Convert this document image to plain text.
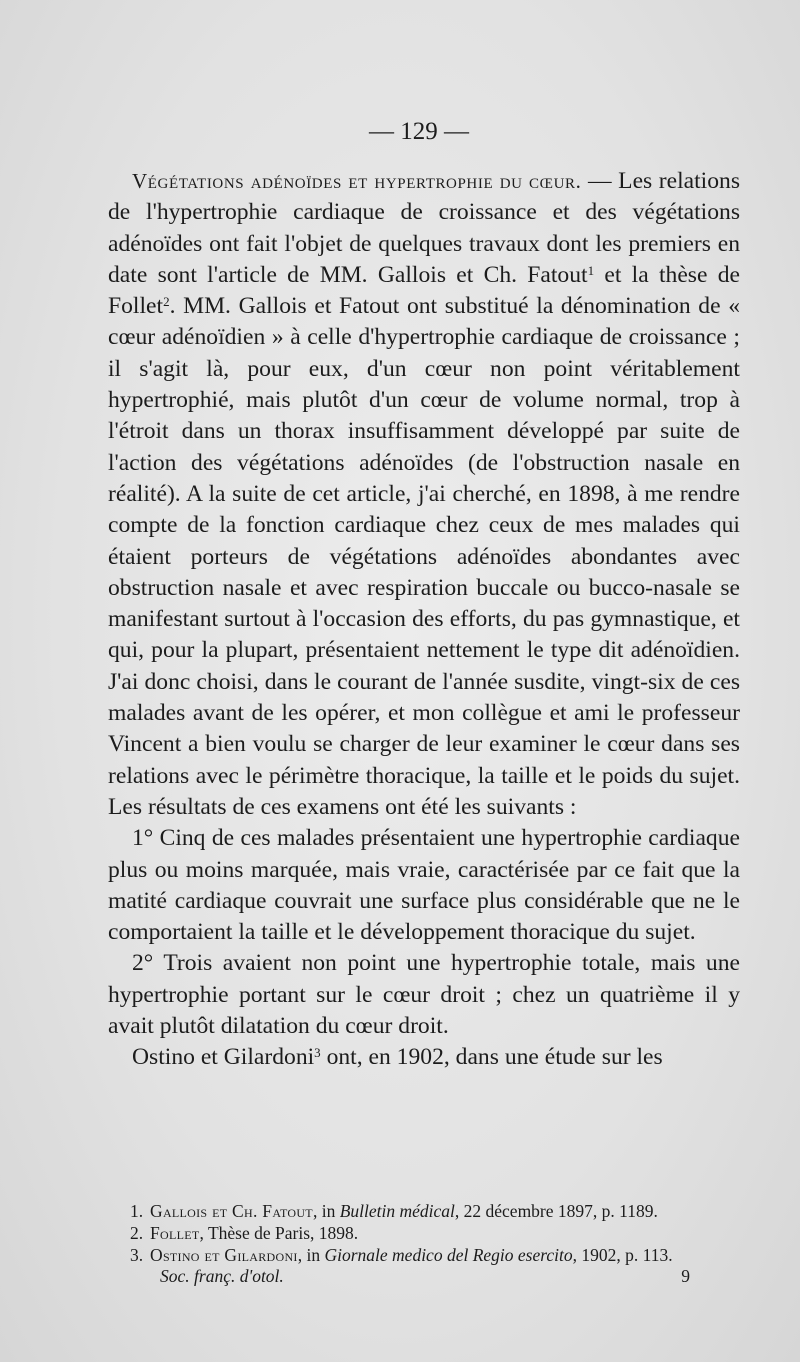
— 129 —

Végétations adénoïdes et hypertrophie du cœur. — Les relations de l'hypertrophie cardiaque de croissance et des végétations adénoïdes ont fait l'objet de quelques travaux dont les premiers en date sont l'article de MM. Gallois et Ch. Fatout$^1$ et la thèse de Follet$^2$. MM. Gallois et Fatout ont substitué la dénomination de « cœur adénoïdien » à celle d'hypertrophie cardiaque de croissance ; il s'agit là, pour eux, d'un cœur non point véritablement hypertrophié, mais plutôt d'un cœur de volume normal, trop à l'étroit dans un thorax insuffisamment développé par suite de l'action des végétations adénoïdes (de l'obstruction nasale en réalité). A la suite de cet article, j'ai cherché, en 1898, à me rendre compte de la fonction cardiaque chez ceux de mes malades qui étaient porteurs de végétations adénoïdes abondantes avec obstruction nasale et avec respiration buccale ou bucco-nasale se manifestant surtout à l'occasion des efforts, du pas gymnastique, et qui, pour la plupart, présentaient nettement le type dit adénoïdien. J'ai donc choisi, dans le courant de l'année susdite, vingt-six de ces malades avant de les opérer, et mon collègue et ami le professeur Vincent a bien voulu se charger de leur examiner le cœur dans ses relations avec le périmètre thoracique, la taille et le poids du sujet. Les résultats de ces examens ont été les suivants :

1° Cinq de ces malades présentaient une hypertrophie cardiaque plus ou moins marquée, mais vraie, caractérisée par ce fait que la matité cardiaque couvrait une surface plus considérable que ne le comportaient la taille et le développement thoracique du sujet.

2° Trois avaient non point une hypertrophie totale, mais une hypertrophie portant sur le cœur droit ; chez un quatrième il y avait plutôt dilatation du cœur droit.

Ostino et Gilardoni$^3$ ont, en 1902, dans une étude sur les

1. Gallois et Ch. Fatout, in Bulletin médical, 22 décembre 1897, p. 1189.
2. Follet, Thèse de Paris, 1898.
3. Ostino et Gilardoni, in Giornale medico del Regio esercito, 1902, p. 113.
Soc. franç. d'otol.	9
